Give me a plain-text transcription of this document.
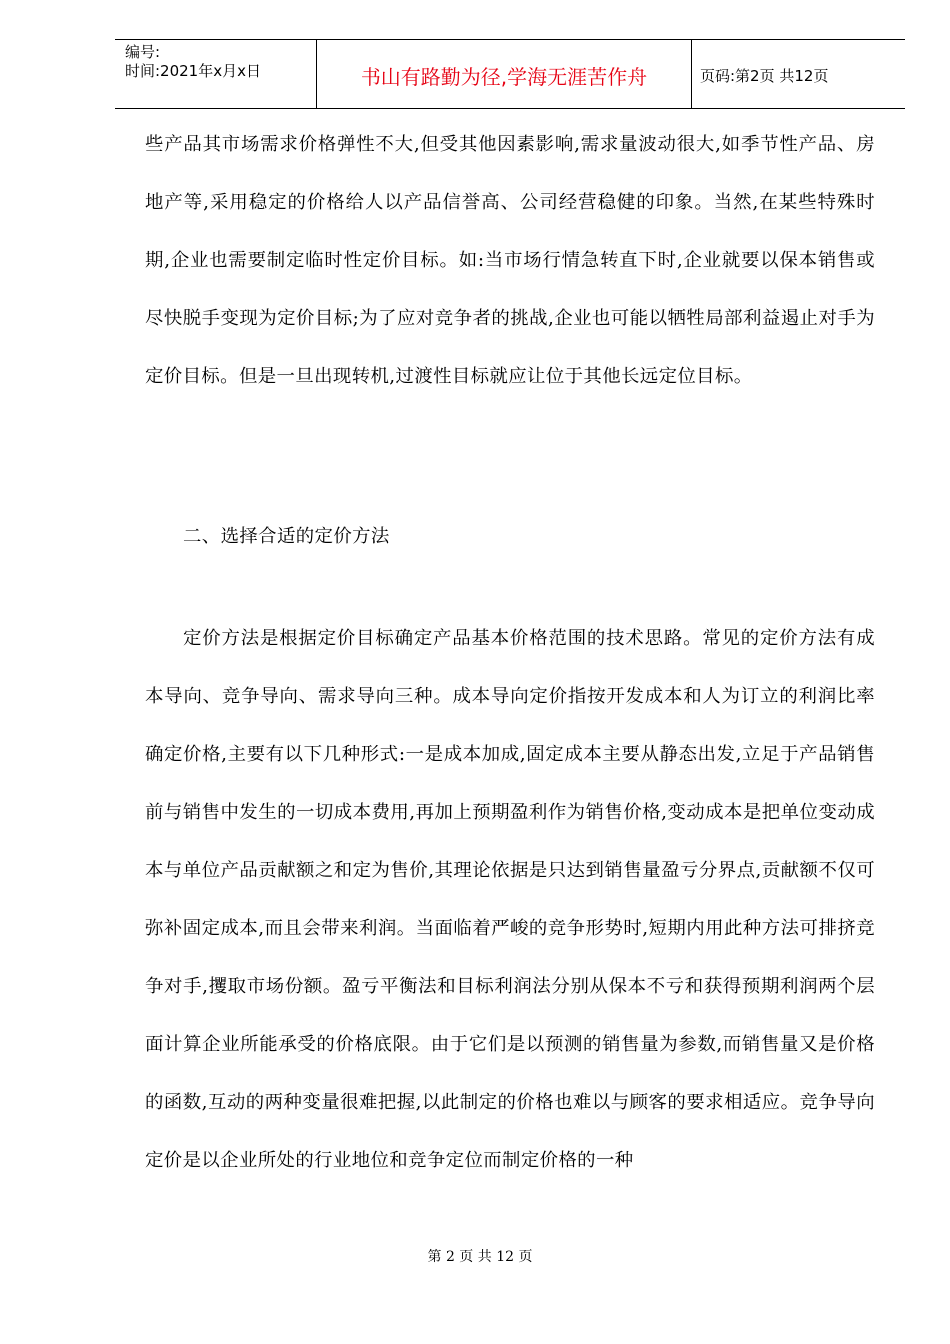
编号:
时间:2021年x月x日	书山有路勤为径,学海无涯苦作舟	页码:第2页 共12页

些产品其市场需求价格弹性不大,但受其他因素影响,需求量波动很大,如季节性产品、房地产等,采用稳定的价格给人以产品信誉高、公司经营稳健的印象。当然,在某些特殊时期,企业也需要制定临时性定价目标。如:当市场行情急转直下时,企业就要以保本销售或尽快脱手变现为定价目标;为了应对竞争者的挑战,企业也可能以牺牲局部利益遏止对手为定价目标。但是一旦出现转机,过渡性目标就应让位于其他长远定位目标。

二、选择合适的定价方法

定价方法是根据定价目标确定产品基本价格范围的技术思路。常见的定价方法有成本导向、竞争导向、需求导向三种。成本导向定价指按开发成本和人为订立的利润比率确定价格,主要有以下几种形式:一是成本加成,固定成本主要从静态出发,立足于产品销售前与销售中发生的一切成本费用,再加上预期盈利作为销售价格,变动成本是把单位变动成本与单位产品贡献额之和定为售价,其理论依据是只达到销售量盈亏分界点,贡献额不仅可弥补固定成本,而且会带来利润。当面临着严峻的竞争形势时,短期内用此种方法可排挤竞争对手,攫取市场份额。盈亏平衡法和目标利润法分别从保本不亏和获得预期利润两个层面计算企业所能承受的价格底限。由于它们是以预测的销售量为参数,而销售量又是价格的函数,互动的两种变量很难把握,以此制定的价格也难以与顾客的要求相适应。竞争导向定价是以企业所处的行业地位和竞争定位而制定价格的一种

第 2 页 共 12 页
